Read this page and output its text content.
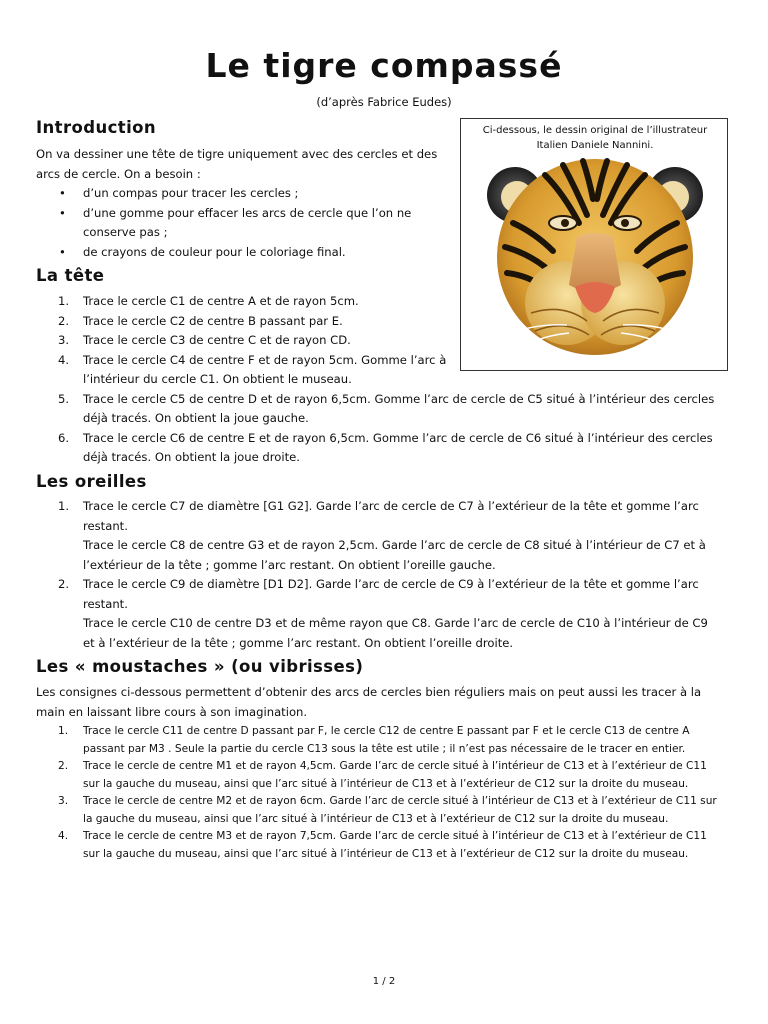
Le tigre compassé
(d’après Fabrice Eudes)
Ci-dessous, le dessin original de l’illustrateur
Italien Daniele Nannini.
Introduction
On va dessiner une tête de tigre uniquement avec des cercles et des
arcs de cercle. On a besoin :
• d’un compas pour tracer les cercles ;
• d’une gomme pour effacer les arcs de cercle que l’on ne
conserve pas ;
• de crayons de couleur pour le coloriage final.
La tête
1. Trace le cercle C1 de centre A et de rayon 5cm.
2. Trace le cercle C2 de centre B passant par E.
3. Trace le cercle C3 de centre C et de rayon CD.
4. Trace le cercle C4 de centre F et de rayon 5cm. Gomme l’arc à
l’intérieur du cercle C1. On obtient le museau.
5. Trace le cercle C5 de centre D et de rayon 6,5cm. Gomme l’arc de cercle de C5 situé à l’intérieur des cercles
déjà tracés. On obtient la joue gauche.
6. Trace le cercle C6 de centre E et de rayon 6,5cm. Gomme l’arc de cercle de C6 situé à l’intérieur des cercles
déjà tracés. On obtient la joue droite.
Les oreilles
1. Trace le cercle C7 de diamètre [G1 G2]. Garde l’arc de cercle de C7 à l’extérieur de la tête et gomme l’arc
restant.
Trace le cercle C8 de centre G3 et de rayon 2,5cm. Garde l’arc de cercle de C8 situé à l’intérieur de C7 et à
l’extérieur de la tête ; gomme l’arc restant. On obtient l’oreille gauche.
2. Trace le cercle C9 de diamètre [D1 D2]. Garde l’arc de cercle de C9 à l’extérieur de la tête et gomme l’arc
restant.
Trace le cercle C10 de centre D3 et de même rayon que C8. Garde l’arc de cercle de C10 à l’intérieur de C9
et à l’extérieur de la tête ; gomme l’arc restant. On obtient l’oreille droite.
Les « moustaches » (ou vibrisses)
Les consignes ci-dessous permettent d’obtenir des arcs de cercles bien réguliers mais on peut aussi les tracer à la
main en laissant libre cours à son imagination.
1. Trace le cercle C11 de centre D passant par F, le cercle C12 de centre E passant par F et le cercle C13 de centre A
passant par M3 . Seule la partie du cercle C13 sous la tête est utile ; il n’est pas nécessaire de le tracer en entier.
2. Trace le cercle de centre M1 et de rayon 4,5cm. Garde l’arc de cercle situé à l’intérieur de C13 et à l’extérieur de C11
sur la gauche du museau, ainsi que l’arc situé à l’intérieur de C13 et à l’extérieur de C12 sur la droite du museau.
3. Trace le cercle de centre M2 et de rayon 6cm. Garde l’arc de cercle situé à l’intérieur de C13 et à l’extérieur de C11 sur
la gauche du museau, ainsi que l’arc situé à l’intérieur de C13 et à l’extérieur de C12 sur la droite du museau.
4. Trace le cercle de centre M3 et de rayon 7,5cm. Garde l’arc de cercle situé à l’intérieur de C13 et à l’extérieur de C11
sur la gauche du museau, ainsi que l’arc situé à l’intérieur de C13 et à l’extérieur de C12 sur la droite du museau.
1 / 2
